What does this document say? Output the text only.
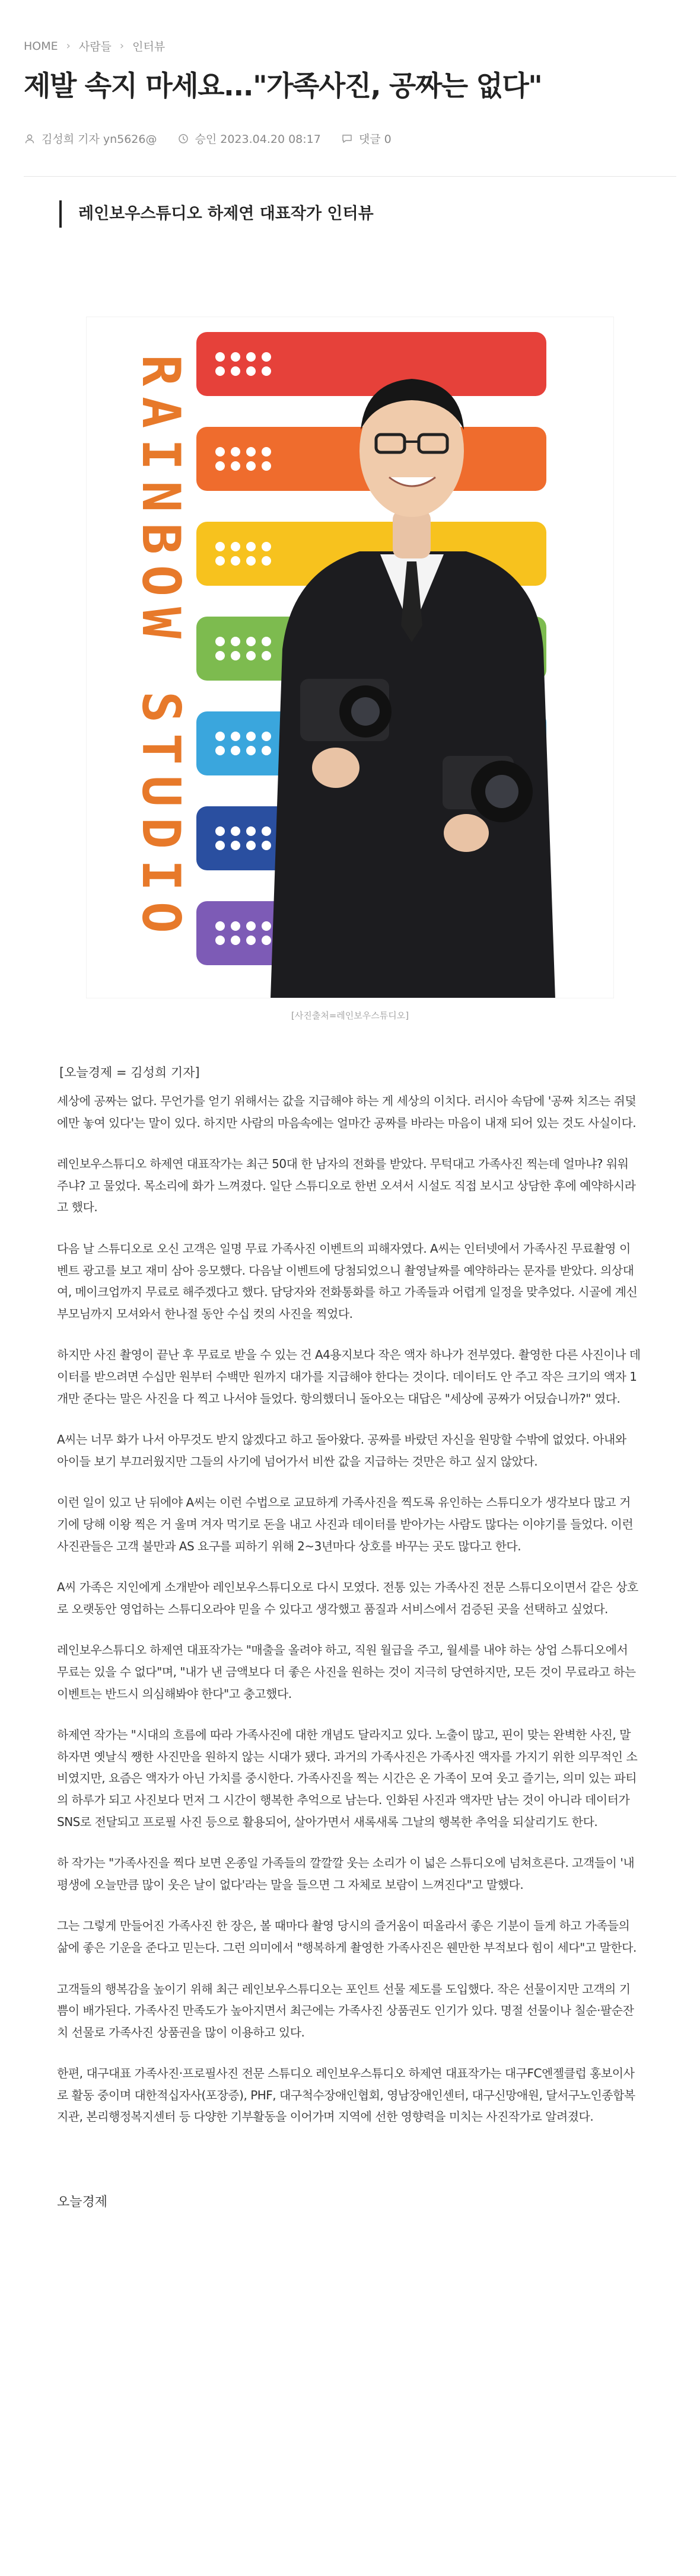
HOME › 사람들 › 인터뷰
제발 속지 마세요..."가족사진, 공짜는 없다"
김성희 기자 yn5626@	승인 2023.04.20 08:17	댓글 0
레인보우스튜디오 하제연 대표작가 인터뷰
RAINBOW STUDIO
[사진출처=레인보우스튜디오]
[오늘경제 = 김성희 기자]

세상에 공짜는 없다. 무언가를 얻기 위해서는 값을 지급해야 하는 게 세상의 이치다. 러시아 속담에 '공짜 치즈는 쥐덫에만 놓여 있다'는 말이 있다. 하지만 사람의 마음속에는 얼마간 공짜를 바라는 마음이 내재 되어 있는 것도 사실이다.

레인보우스튜디오 하제연 대표작가는 최근 50대 한 남자의 전화를 받았다. 무턱대고 가족사진 찍는데 얼마냐? 워워 주냐? 고 물었다. 목소리에 화가 느껴졌다. 일단 스튜디오로 한번 오셔서 시설도 직접 보시고 상담한 후에 예약하시라고 했다.

다음 날 스튜디오로 오신 고객은 일명 무료 가족사진 이벤트의 피해자였다. A씨는 인터넷에서 가족사진 무료촬영 이벤트 광고를 보고 재미 삼아 응모했다. 다음날 이벤트에 당첨되었으니 촬영날짜를 예약하라는 문자를 받았다. 의상대여, 메이크업까지 무료로 해주겠다고 했다. 담당자와 전화통화를 하고 가족들과 어렵게 일정을 맞추었다. 시골에 계신 부모님까지 모셔와서 한나절 동안 수십 컷의 사진을 찍었다.

하지만 사진 촬영이 끝난 후 무료로 받을 수 있는 건 A4용지보다 작은 액자 하나가 전부였다. 촬영한 다른 사진이나 데이터를 받으려면 수십만 원부터 수백만 원까지 대가를 지급해야 한다는 것이다. 데이터도 안 주고 작은 크기의 액자 1개만 준다는 말은 사진을 다 찍고 나서야 들었다. 항의했더니 돌아오는 대답은 "세상에 공짜가 어딨습니까?" 였다.

A씨는 너무 화가 나서 아무것도 받지 않겠다고 하고 돌아왔다. 공짜를 바랐던 자신을 원망할 수밖에 없었다. 아내와 아이들 보기 부끄러웠지만 그들의 사기에 넘어가서 비싼 값을 지급하는 것만은 하고 싶지 않았다.

이런 일이 있고 난 뒤에야 A씨는 이런 수법으로 교묘하게 가족사진을 찍도록 유인하는 스튜디오가 생각보다 많고 거기에 당해 이왕 찍은 거 울며 겨자 먹기로 돈을 내고 사진과 데이터를 받아가는 사람도 많다는 이야기를 들었다. 이런 사진관들은 고객 불만과 AS 요구를 피하기 위해 2~3년마다 상호를 바꾸는 곳도 많다고 한다.

A씨 가족은 지인에게 소개받아 레인보우스튜디오로 다시 모였다. 전통 있는 가족사진 전문 스튜디오이면서 같은 상호로 오랫동안 영업하는 스튜디오라야 믿을 수 있다고 생각했고 품질과 서비스에서 검증된 곳을 선택하고 싶었다.

레인보우스튜디오 하제연 대표작가는 "매출을 올려야 하고, 직원 월급을 주고, 월세를 내야 하는 상업 스튜디오에서 무료는 있을 수 없다"며, "내가 낸 금액보다 더 좋은 사진을 원하는 것이 지극히 당연하지만, 모든 것이 무료라고 하는 이벤트는 반드시 의심해봐야 한다"고 충고했다.

하제연 작가는 "시대의 흐름에 따라 가족사진에 대한 개념도 달라지고 있다. 노출이 많고, 핀이 맞는 완벽한 사진, 말하자면 옛날식 쨍한 사진만을 원하지 않는 시대가 됐다. 과거의 가족사진은 가족사진 액자를 가지기 위한 의무적인 소비였지만, 요즘은 액자가 아닌 가치를 중시한다. 가족사진을 찍는 시간은 온 가족이 모여 웃고 즐기는, 의미 있는 파티의 하루가 되고 사진보다 먼저 그 시간이 행복한 추억으로 남는다. 인화된 사진과 액자만 남는 것이 아니라 데이터가 SNS로 전달되고 프로필 사진 등으로 활용되어, 살아가면서 새록새록 그날의 행복한 추억을 되살리기도 한다.

하 작가는 "가족사진을 찍다 보면 온종일 가족들의 깔깔깔 웃는 소리가 이 넓은 스튜디오에 넘쳐흐른다. 고객들이 '내 평생에 오늘만큼 많이 웃은 날이 없다'라는 말을 들으면 그 자체로 보람이 느껴진다"고 말했다.

그는 그렇게 만들어진 가족사진 한 장은, 볼 때마다 촬영 당시의 즐거움이 떠올라서 좋은 기분이 들게 하고 가족들의 삶에 좋은 기운을 준다고 믿는다. 그런 의미에서 "행복하게 촬영한 가족사진은 웬만한 부적보다 힘이 세다"고 말한다.

고객들의 행복감을 높이기 위해 최근 레인보우스튜디오는 포인트 선물 제도를 도입했다. 작은 선물이지만 고객의 기쁨이 배가된다. 가족사진 만족도가 높아지면서 최근에는 가족사진 상품권도 인기가 있다. 명절 선물이나 칠순·팔순잔치 선물로 가족사진 상품권을 많이 이용하고 있다.

한편, 대구대표 가족사진·프로필사진 전문 스튜디오 레인보우스튜디오 하제연 대표작가는 대구FC엔젤클럽 홍보이사로 활동 중이며 대한적십자사(포장증), PHF, 대구척수장애인협회, 영남장애인센터, 대구신망애원, 달서구노인종합복지관, 본리행정복지센터 등 다양한 기부활동을 이어가며 지역에 선한 영향력을 미치는 사진작가로 알려졌다.

오늘경제
